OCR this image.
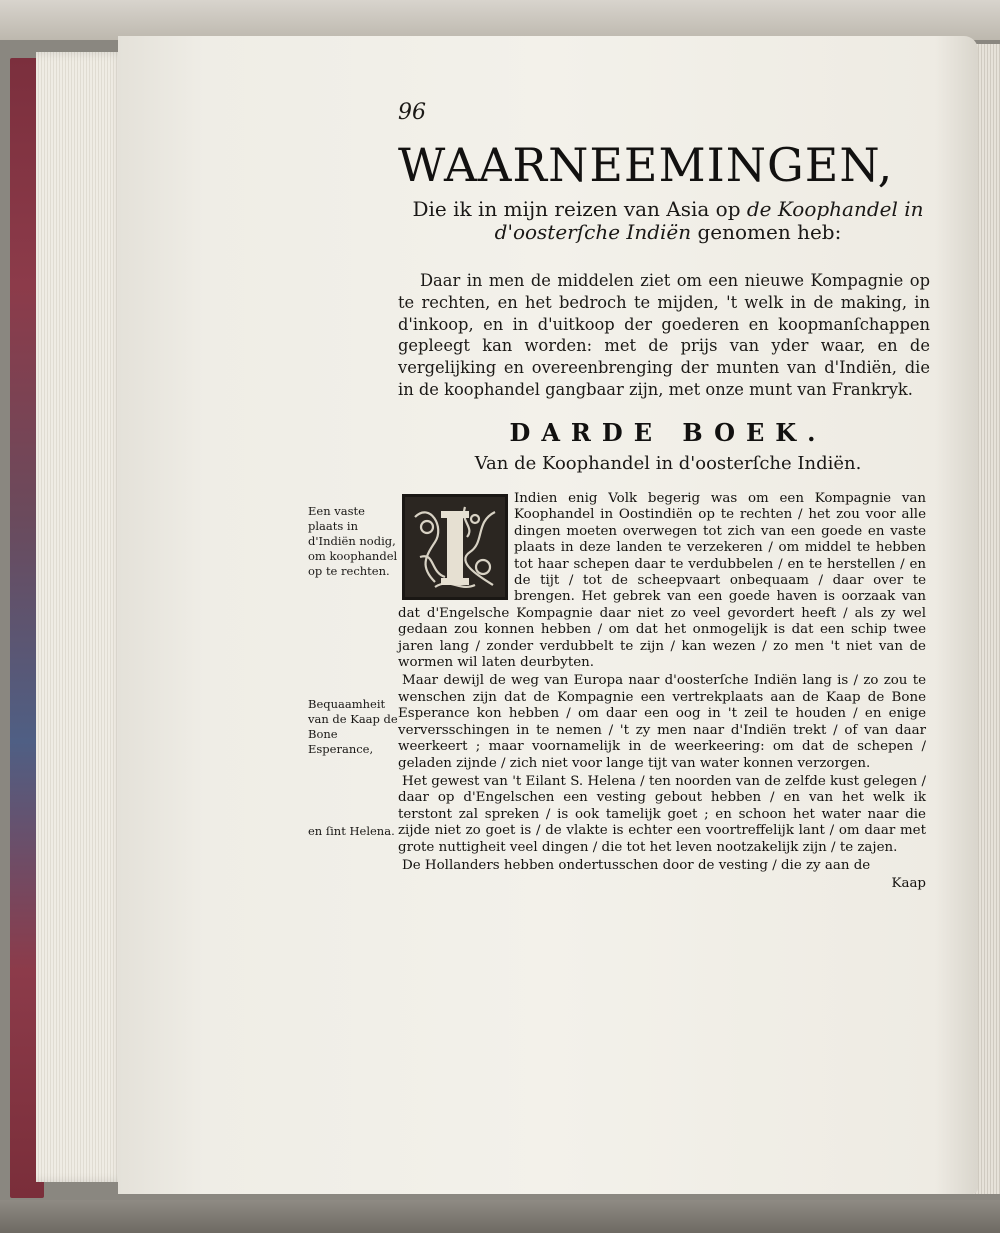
96
WAARNEEMINGEN,
Die ik in mijn reizen van Asia op de Koophandel in
d'oosterſche Indiën genomen heb:
Daar in men de middelen ziet om een nieuwe Kompagnie op te rechten, en het bedroch te mijden, 't welk in de making, in d'inkoop, en in d'uitkoop der goederen en koopmanſchappen gepleegt kan worden: met de prijs van yder waar, en de vergelijking en overeenbrenging der munten van d'Indiën, die in de koophandel gangbaar zijn, met onze munt van Frankryk.
DARDE BOEK.
Van de Koophandel in d'oosterſche Indiën.
Een vaste plaats in d'Indiën nodig, om koophandel op te rechten.
Bequaamheit van de Kaap de Bone Esperance,
en ſint Helena.

Indien enig Volk begerig was om een Kompagnie van Koophandel in Oostindiën op te rechten / het zou voor alle dingen moeten overwegen tot zich van een goede en vaste plaats in deze landen te verzekeren / om middel te hebben tot haar schepen daar te verdubbelen / en te herstellen / en de tijt / tot de scheepvaart onbequaam / daar over te brengen. Het gebrek van een goede haven is oorzaak van dat d'Engelsche Kompagnie daar niet zo veel gevordert heeft / als zy wel gedaan zou konnen hebben / om dat het onmogelijk is dat een schip twee jaren lang / zonder verdubbelt te zijn / kan wezen / zo men 't niet van de wormen wil laten deurbyten.

Maar dewijl de weg van Europa naar d'oosterſche Indiën lang is / zo zou te wenschen zijn dat de Kompagnie een vertrekplaats aan de Kaap de Bone Esperance kon hebben / om daar een oog in 't zeil te houden / en enige verversschingen in te nemen / 't zy men naar d'Indiën trekt / of van daar weerkeert ; maar voornamelijk in de weerkeering: om dat de schepen / geladen zijnde / zich niet voor lange tijt van water konnen verzorgen.

Het gewest van 't Eilant S. Helena / ten noorden van de zelfde kust gelegen / daar op d'Engelschen een vesting gebout hebben / en van het welk ik terstont zal spreken / is ook tamelijk goet ; en schoon het water naar die zijde niet zo goet is / de vlakte is echter een voortreffelijk lant / om daar met grote nuttigheit veel dingen / die tot het leven nootzakelijk zijn / te zajen.

De Hollanders hebben ondertusschen door de vesting / die zy aan de

Kaap
